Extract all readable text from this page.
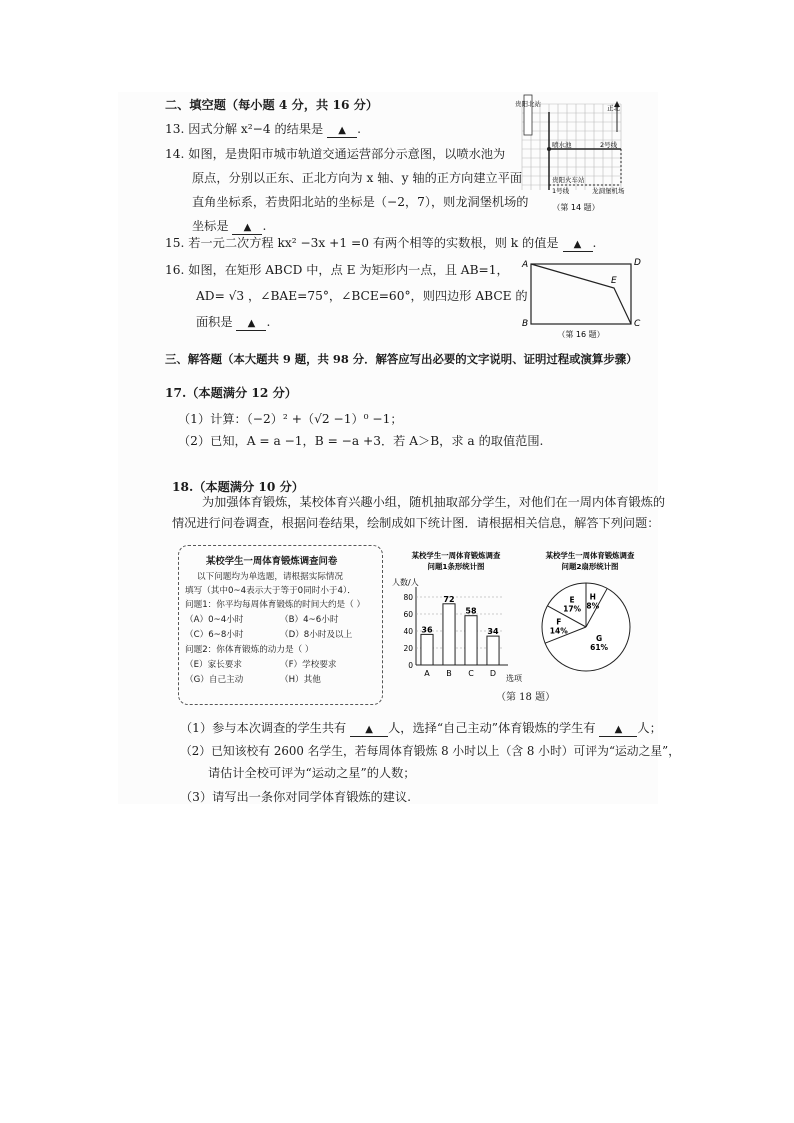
二、填空题（每小题 4 分，共 16 分）
13. 因式分解 x²−4 的结果是 ▲ .
14. 如图，是贵阳市城市轨道交通运营部分示意图，以喷水池为
原点，分别以正东、正北方向为 x 轴、y 轴的正方向建立平面
直角坐标系，若贵阳北站的坐标是（−2，7），则龙洞堡机场的
坐标是 ▲ .
贵阳北站	正北
喷水池	2号线
贵阳火车站
1号线	龙洞堡机场
（第 14 题）
15. 若一元二次方程 kx² −3x +1 =0 有两个相等的实数根，则 k 的值是 ▲ .
16. 如图，在矩形 ABCD 中，点 E 为矩形内一点，且 AB=1，
AD= √3 ，∠BAE=75°，∠BCE=60°，则四边形 ABCE 的
面积是 ▲ .
A	D
B	C
E
（第 16 题）
三、解答题（本大题共 9 题，共 98 分．解答应写出必要的文字说明、证明过程或演算步骤）
17.（本题满分 12 分）
（1）计算：（−2）² +（√2 −1）⁰ −1；
（2）已知，A = a −1，B = −a +3．若 A＞B，求 a 的取值范围.
18.（本题满分 10 分）
为加强体育锻炼，某校体育兴趣小组，随机抽取部分学生，对他们在一周内体育锻炼的
情况进行问卷调查，根据问卷结果，绘制成如下统计图．请根据相关信息，解答下列问题：
某校学生一周体育锻炼调查问卷
以下问题均为单选题，请根据实际情况
填写（其中0~4表示大于等于0同时小于4）．
问题1：你平均每周体育锻炼的时间大约是（ ）
（A）0~4小时	（B）4~6小时
（C）6~8小时	（D）8小时及以上
问题2：你体育锻炼的动力是（ ）
（E）家长要求	（F）学校要求
（G）自己主动	（H）其他
某校学生一周体育锻炼调查
问题1条形统计图
人数/人
0
20
40
60
80
36
A
72
B
58
C
34
D
选项
某校学生一周体育锻炼调查
问题2扇形统计图
E
17%
F
14%
G
61%
H
8%
（第 18 题）
（1）参与本次调查的学生共有 ▲ 人，选择“自己主动”体育锻炼的学生有 ▲ 人；
（2）已知该校有 2600 名学生，若每周体育锻炼 8 小时以上（含 8 小时）可评为“运动之星”，
请估计全校可评为“运动之星”的人数；
（3）请写出一条你对同学体育锻炼的建议.
